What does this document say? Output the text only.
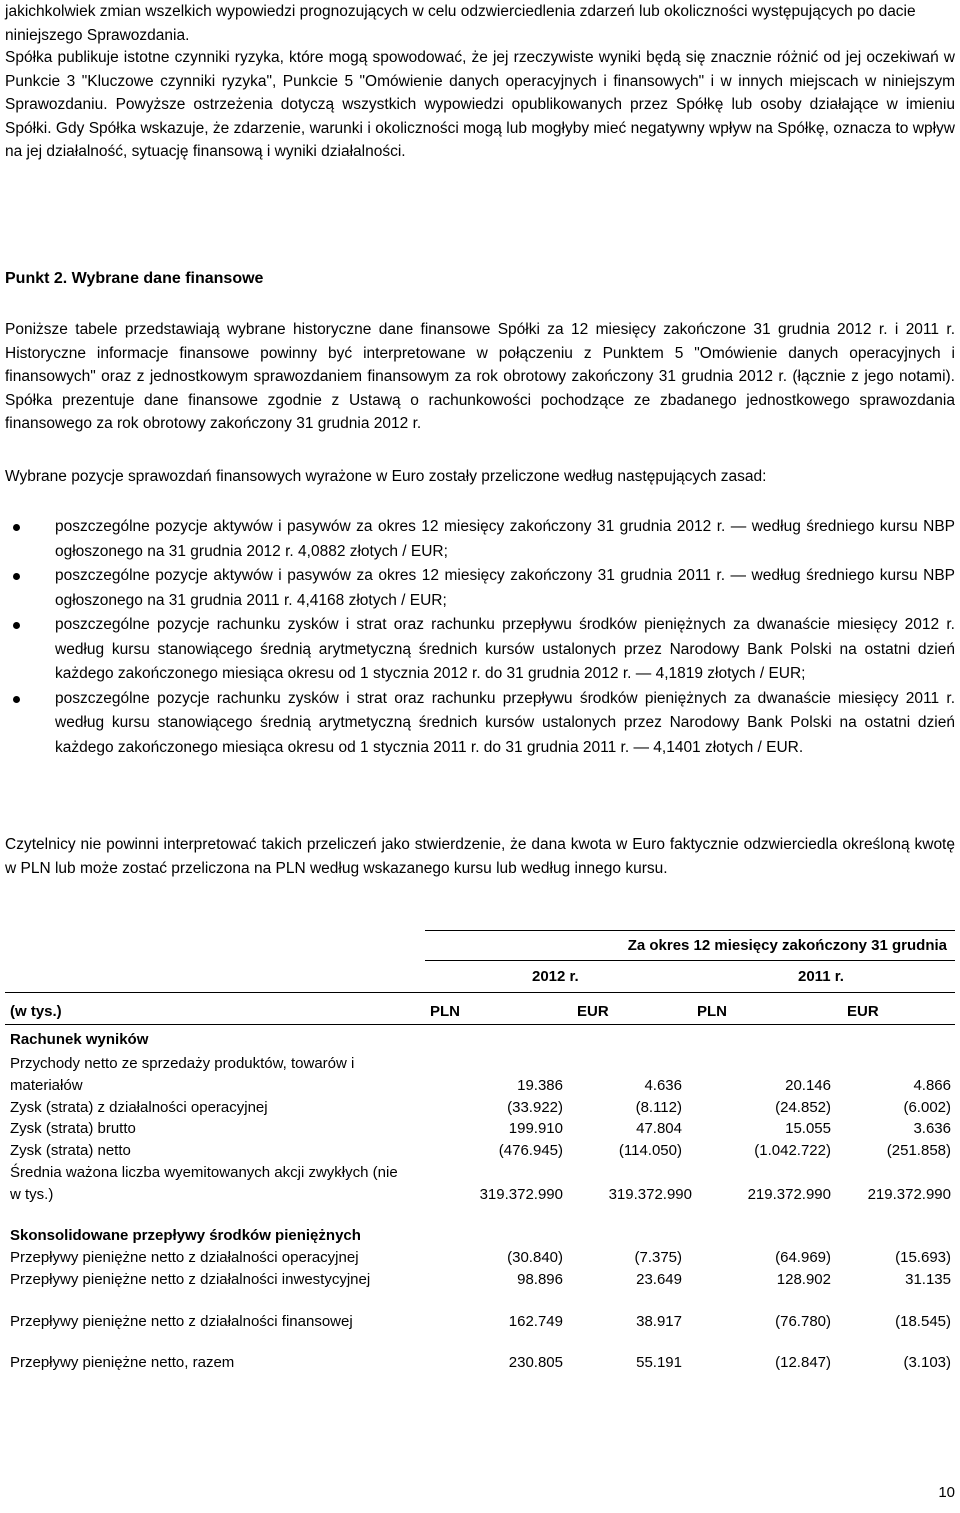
jakichkolwiek zmian wszelkich wypowiedzi prognozujących w celu odzwierciedlenia zdarzeń lub okoliczności występujących po dacie niniejszego Sprawozdania.
Spółka publikuje istotne czynniki ryzyka, które mogą spowodować, że jej rzeczywiste wyniki będą się znacznie różnić od jej oczekiwań w Punkcie 3 "Kluczowe czynniki ryzyka", Punkcie 5 "Omówienie danych operacyjnych i finansowych" i w innych miejscach w niniejszym Sprawozdaniu. Powyższe ostrzeżenia dotyczą wszystkich wypowiedzi opublikowanych przez Spółkę lub osoby działające w imieniu Spółki. Gdy Spółka wskazuje, że zdarzenie, warunki i okoliczności mogą lub mogłyby mieć negatywny wpływ na Spółkę, oznacza to wpływ na jej działalność, sytuację finansową i wyniki działalności.
Punkt 2. Wybrane dane finansowe
Poniższe tabele przedstawiają wybrane historyczne dane finansowe Spółki za 12 miesięcy zakończone 31 grudnia 2012 r. i 2011 r. Historyczne informacje finansowe powinny być interpretowane w połączeniu z Punktem 5 "Omówienie danych operacyjnych i finansowych" oraz z jednostkowym sprawozdaniem finansowym za rok obrotowy zakończony 31 grudnia 2012 r. (łącznie z jego notami). Spółka prezentuje dane finansowe zgodnie z Ustawą o rachunkowości pochodzące ze zbadanego jednostkowego sprawozdania finansowego za rok obrotowy zakończony 31 grudnia 2012 r.
Wybrane pozycje sprawozdań finansowych wyrażone w Euro zostały przeliczone według następujących zasad:
poszczególne pozycje aktywów i pasywów za okres 12 miesięcy zakończony 31 grudnia 2012 r. — według średniego kursu NBP ogłoszonego na 31 grudnia 2012 r. 4,0882 złotych / EUR;
poszczególne pozycje aktywów i pasywów za okres 12 miesięcy zakończony 31 grudnia 2011 r. — według średniego kursu NBP ogłoszonego na 31 grudnia 2011 r. 4,4168 złotych / EUR;
poszczególne pozycje rachunku zysków i strat oraz rachunku przepływu środków pieniężnych za dwanaście miesięcy 2012 r. według kursu stanowiącego średnią arytmetyczną średnich kursów ustalonych przez Narodowy Bank Polski na ostatni dzień każdego zakończonego miesiąca okresu od 1 stycznia 2012 r. do 31 grudnia 2012 r. — 4,1819 złotych / EUR;
poszczególne pozycje rachunku zysków i strat oraz rachunku przepływu środków pieniężnych za dwanaście miesięcy 2011 r. według kursu stanowiącego średnią arytmetyczną średnich kursów ustalonych przez Narodowy Bank Polski na ostatni dzień każdego zakończonego miesiąca okresu od 1 stycznia 2011 r. do 31 grudnia 2011 r. — 4,1401 złotych / EUR.
Czytelnicy nie powinni interpretować takich przeliczeń jako stwierdzenie, że dana kwota w Euro faktycznie odzwierciedla określoną kwotę w PLN lub może zostać przeliczona na PLN według wskazanego kursu lub według innego kursu.
Za okres 12 miesięcy zakończony 31 grudnia
2012 r.	2011 r.
(w tys.)	PLN	EUR	PLN	EUR
Rachunek wyników
Przychody netto ze sprzedaży produktów, towarów i
materiałów	19.386	4.636	20.146	4.866
Zysk (strata) z działalności operacyjnej	(33.922)	(8.112)	(24.852)	(6.002)
Zysk (strata) brutto	199.910	47.804	15.055	3.636
Zysk (strata) netto	(476.945)	(114.050)	(1.042.722)	(251.858)
Średnia ważona liczba wyemitowanych akcji zwykłych (nie
w tys.)	319.372.990	319.372.990	219.372.990 219.372.990
Skonsolidowane przepływy środków pieniężnych
Przepływy pieniężne netto z działalności operacyjnej	(30.840)	(7.375)	(64.969)	(15.693)
Przepływy pieniężne netto z działalności inwestycyjnej	98.896	23.649	128.902	31.135
Przepływy pieniężne netto z działalności finansowej	162.749	38.917	(76.780)	(18.545)
Przepływy pieniężne netto, razem	230.805	55.191	(12.847)	(3.103)
10
